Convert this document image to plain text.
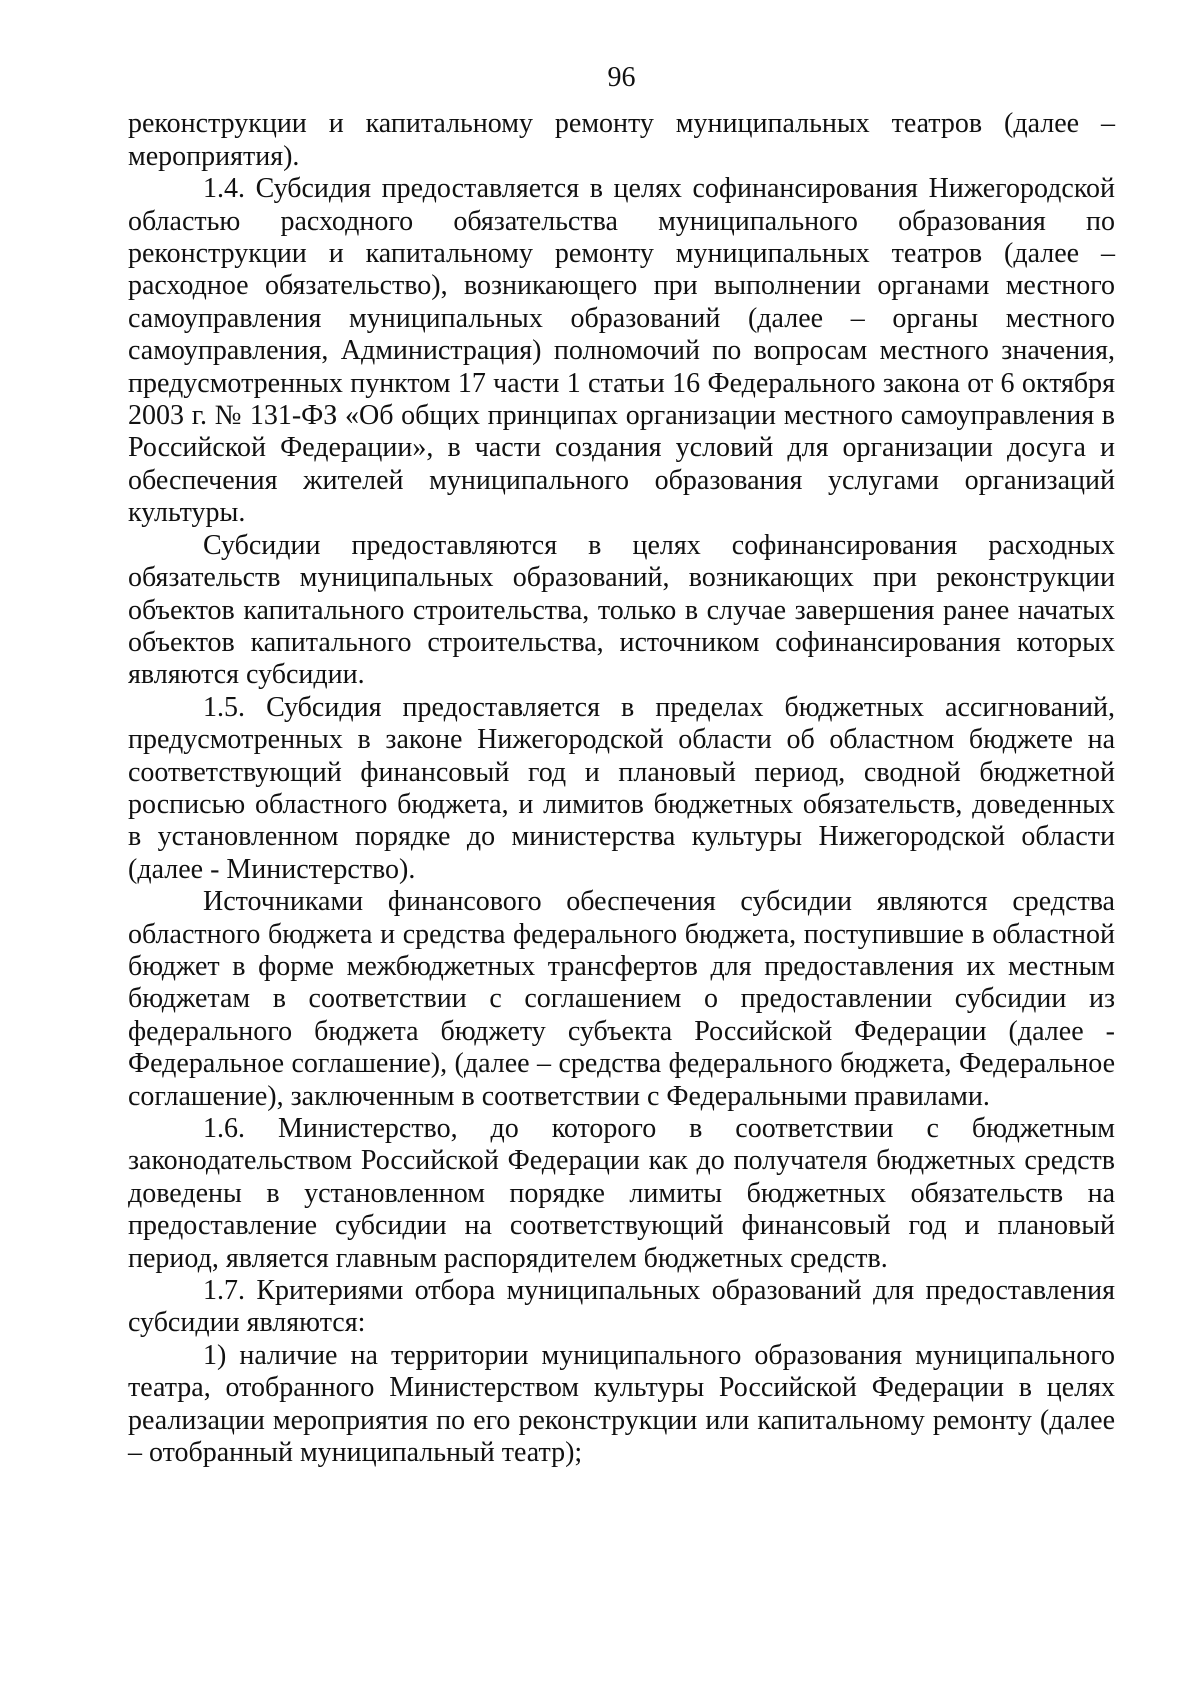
96

реконструкции и капитальному ремонту муниципальных театров (далее – мероприятия).

1.4. Субсидия предоставляется в целях софинансирования Нижегородской областью расходного обязательства муниципального образования по реконструкции и капитальному ремонту муниципальных театров (далее – расходное обязательство), возникающего при выполнении органами местного самоуправления муниципальных образований (далее – органы местного самоуправления, Администрация) полномочий по вопросам местного значения, предусмотренных пунктом 17 части 1 статьи 16 Федерального закона от 6 октября 2003 г. № 131-ФЗ «Об общих принципах организации местного самоуправления в Российской Федерации», в части создания условий для организации досуга и обеспечения жителей муниципального образования услугами организаций культуры.

Субсидии предоставляются в целях софинансирования расходных обязательств муниципальных образований, возникающих при реконструкции объектов капитального строительства, только в случае завершения ранее начатых объектов капитального строительства, источником софинансирования которых являются субсидии.

1.5. Субсидия предоставляется в пределах бюджетных ассигнований, предусмотренных в законе Нижегородской области об областном бюджете на соответствующий финансовый год и плановый период, сводной бюджетной росписью областного бюджета, и лимитов бюджетных обязательств, доведенных в установленном порядке до министерства культуры Нижегородской области (далее - Министерство).

Источниками финансового обеспечения субсидии являются средства областного бюджета и средства федерального бюджета, поступившие в областной бюджет в форме межбюджетных трансфертов для предоставления их местным бюджетам в соответствии с соглашением о предоставлении субсидии из федерального бюджета бюджету субъекта Российской Федерации (далее - Федеральное соглашение), (далее – средства федерального бюджета, Федеральное соглашение), заключенным в соответствии с Федеральными правилами.

1.6. Министерство, до которого в соответствии с бюджетным законодательством Российской Федерации как до получателя бюджетных средств доведены в установленном порядке лимиты бюджетных обязательств на предоставление субсидии на соответствующий финансовый год и плановый период, является главным распорядителем бюджетных средств.

1.7. Критериями отбора муниципальных образований для предоставления субсидии являются:

1) наличие на территории муниципального образования муниципального театра, отобранного Министерством культуры Российской Федерации в целях реализации мероприятия по его реконструкции или капитальному ремонту (далее – отобранный муниципальный театр);
